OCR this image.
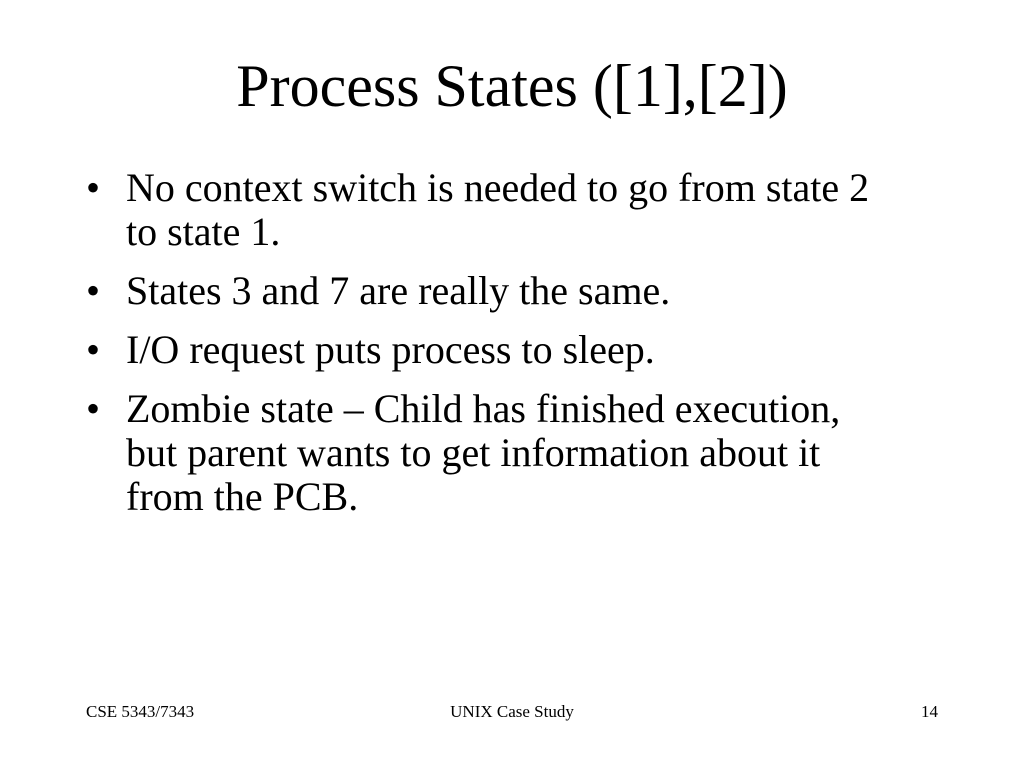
Process States ([1],[2])
• No context switch is needed to go from state 2 to state 1.
• States 3 and 7 are really the same.
• I/O request puts process to sleep.
• Zombie state – Child has finished execution, but parent wants to get information about it from the PCB.
CSE 5343/7343	UNIX Case Study	14
